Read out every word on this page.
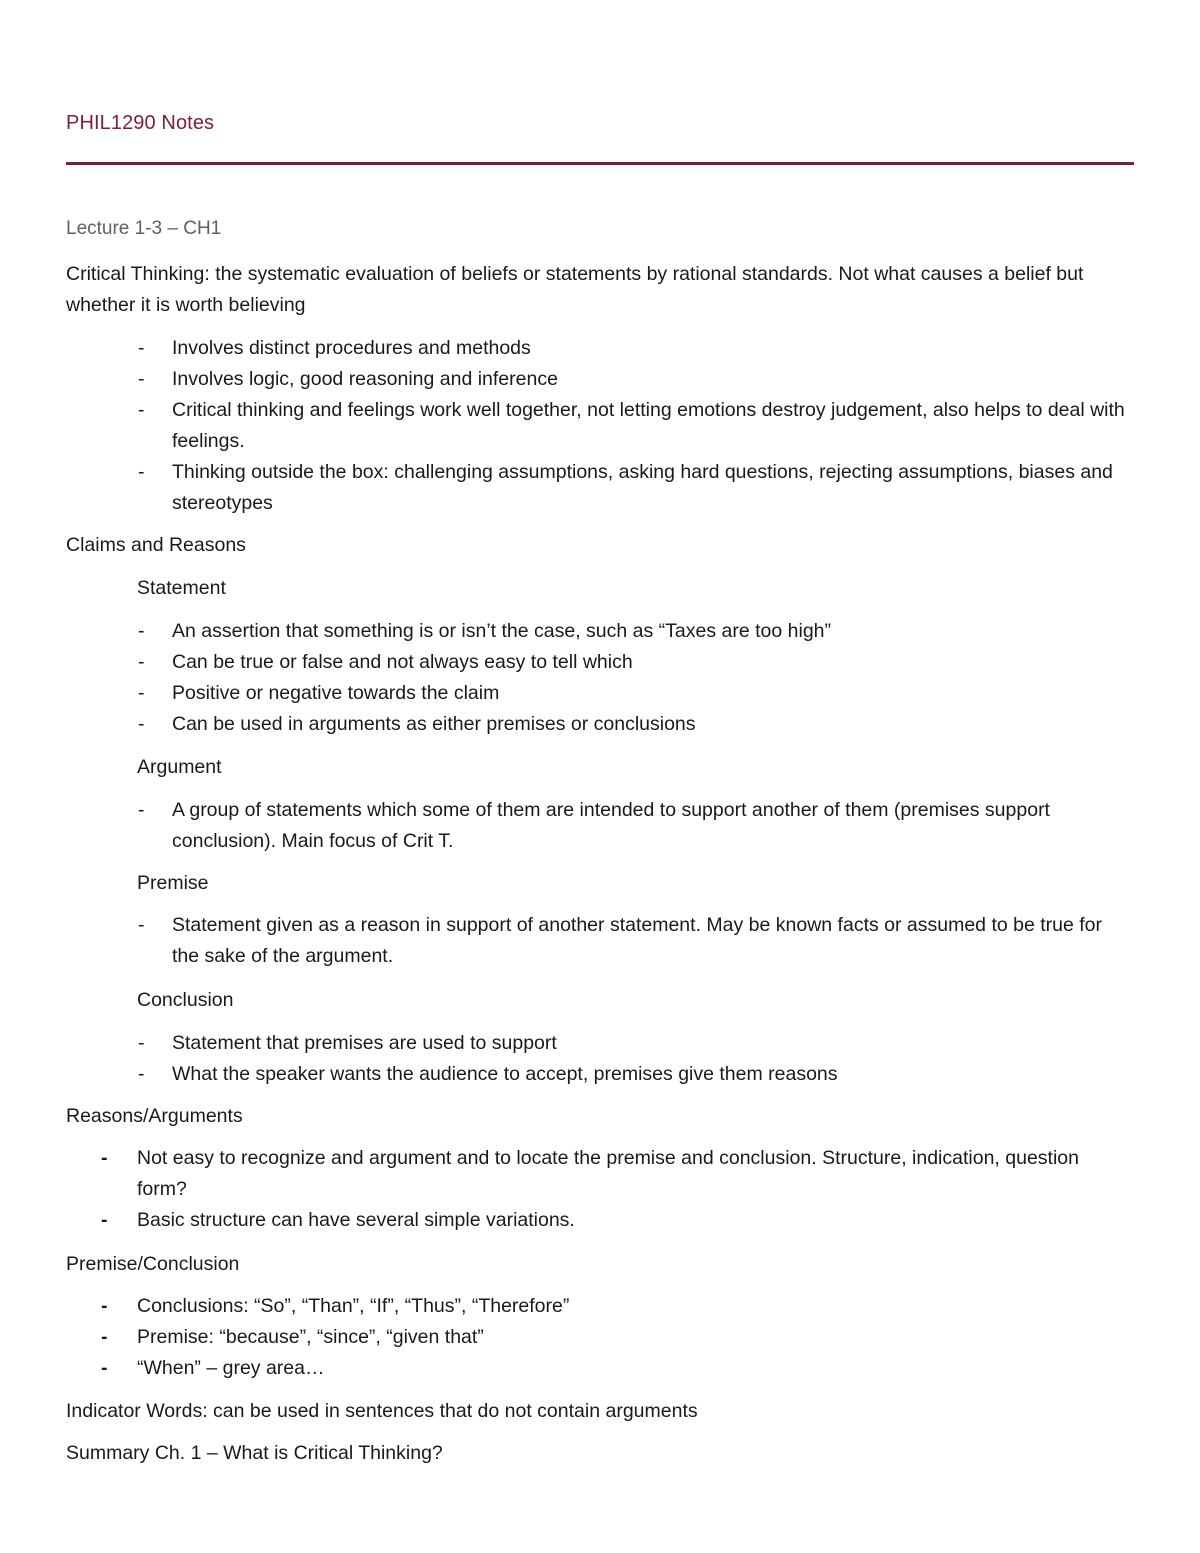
PHIL1290 Notes
Lecture 1-3 – CH1
Critical Thinking: the systematic evaluation of beliefs or statements by rational standards. Not what causes a belief but whether it is worth believing
- Involves distinct procedures and methods
- Involves logic, good reasoning and inference
- Critical thinking and feelings work well together, not letting emotions destroy judgement, also helps to deal with feelings.
- Thinking outside the box: challenging assumptions, asking hard questions, rejecting assumptions, biases and stereotypes
Claims and Reasons
Statement
- An assertion that something is or isn’t the case, such as “Taxes are too high”
- Can be true or false and not always easy to tell which
- Positive or negative towards the claim
- Can be used in arguments as either premises or conclusions
Argument
- A group of statements which some of them are intended to support another of them (premises support conclusion). Main focus of Crit T.
Premise
- Statement given as a reason in support of another statement. May be known facts or assumed to be true for the sake of the argument.
Conclusion
- Statement that premises are used to support
- What the speaker wants the audience to accept, premises give them reasons
Reasons/Arguments
- Not easy to recognize and argument and to locate the premise and conclusion. Structure, indication, question form?
- Basic structure can have several simple variations.
Premise/Conclusion
- Conclusions: “So”, “Than”, “If”, “Thus”, “Therefore”
- Premise: “because”, “since”, “given that”
- “When” – grey area…
Indicator Words: can be used in sentences that do not contain arguments
Summary Ch. 1 – What is Critical Thinking?
